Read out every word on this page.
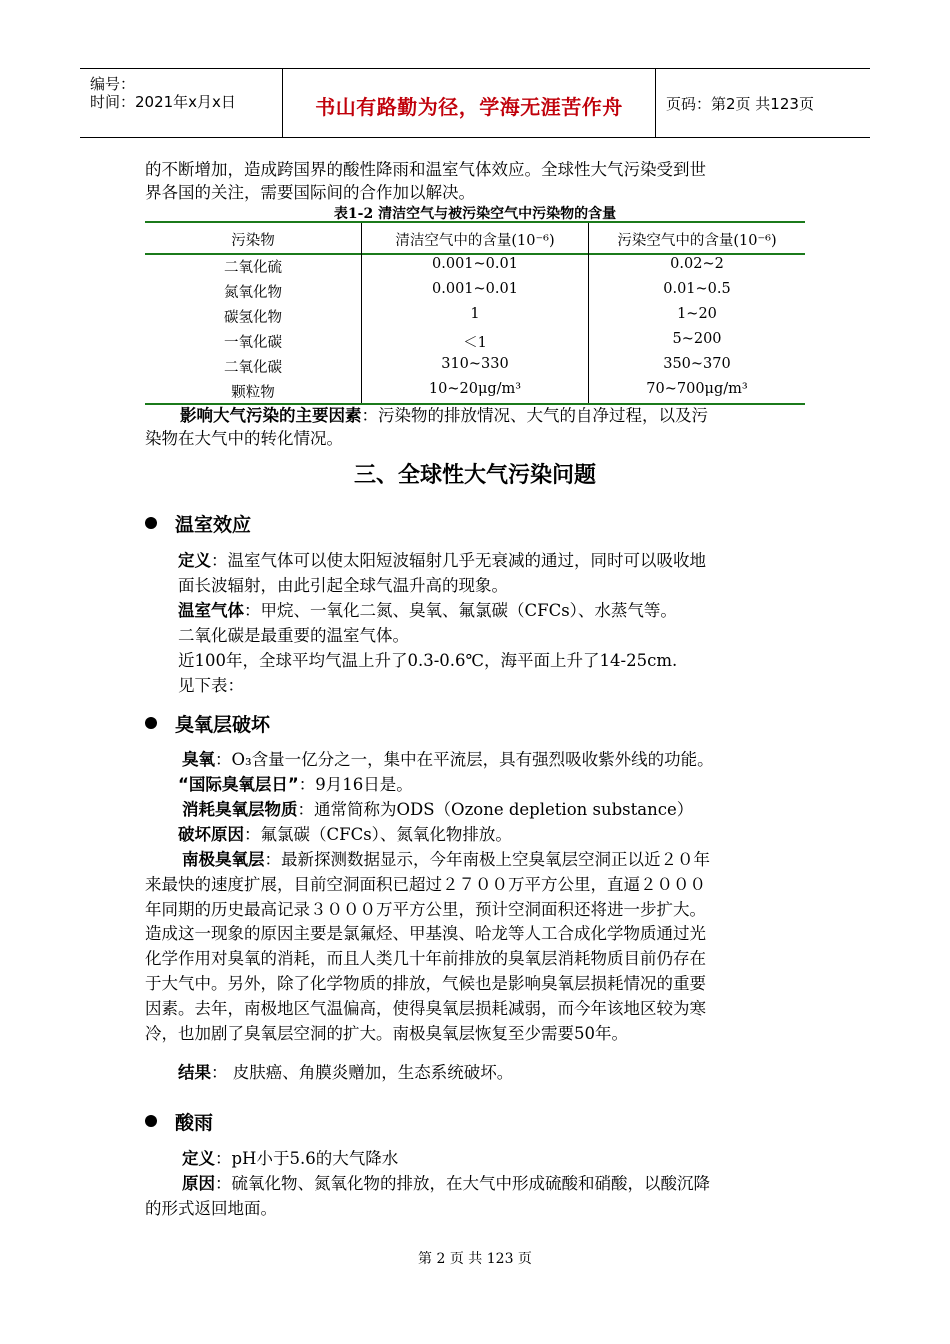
编号：
时间：2021年x月x日	书山有路勤为径，学海无涯苦作舟	页码：第2页 共123页
的不断增加，造成跨国界的酸性降雨和温室气体效应。全球性大气污染受到世
界各国的关注，需要国际间的合作加以解决。
表1-2 清洁空气与被污染空气中污染物的含量
污染物	清洁空气中的含量(10⁻⁶)	污染空气中的含量(10⁻⁶)
二氧化硫	0.001~0.01	0.02~2
氮氧化物	0.001~0.01	0.01~0.5
碳氢化物	1	1~20
一氧化碳	＜1	5~200
二氧化碳	310~330	350~370
颗粒物	10~20μg/m³	70~700μg/m³
影响大气污染的主要因素：污染物的排放情况、大气的自净过程，以及污
染物在大气中的转化情况。
三、全球性大气污染问题
温室效应
定义：温室气体可以使太阳短波辐射几乎无衰减的通过，同时可以吸收地
面长波辐射，由此引起全球气温升高的现象。
温室气体：甲烷、一氧化二氮、臭氧、氟氯碳（CFCs）、水蒸气等。
二氧化碳是最重要的温室气体。
近100年，全球平均气温上升了0.3-0.6℃，海平面上升了14-25cm.
见下表：
臭氧层破坏
臭氧：O₃含量一亿分之一，集中在平流层，具有强烈吸收紫外线的功能。
“国际臭氧层日”：9月16日是。
消耗臭氧层物质：通常简称为ODS（Ozone depletion substance）
破坏原因：氟氯碳（CFCs）、氮氧化物排放。
南极臭氧层：最新探测数据显示，今年南极上空臭氧层空洞正以近２０年
来最快的速度扩展，目前空洞面积已超过２７００万平方公里，直逼２０００
年同期的历史最高记录３０００万平方公里，预计空洞面积还将进一步扩大。
造成这一现象的原因主要是氯氟烃、甲基溴、哈龙等人工合成化学物质通过光
化学作用对臭氧的消耗，而且人类几十年前排放的臭氧层消耗物质目前仍存在
于大气中。另外，除了化学物质的排放，气候也是影响臭氧层损耗情况的重要
因素。去年，南极地区气温偏高，使得臭氧层损耗减弱，而今年该地区较为寒
冷，也加剧了臭氧层空洞的扩大。南极臭氧层恢复至少需要50年。
结果： 皮肤癌、角膜炎赠加，生态系统破坏。
酸雨
定义：pH小于5.6的大气降水
原因：硫氧化物、氮氧化物的排放，在大气中形成硫酸和硝酸，以酸沉降
的形式返回地面。
第 2 页 共 123 页
